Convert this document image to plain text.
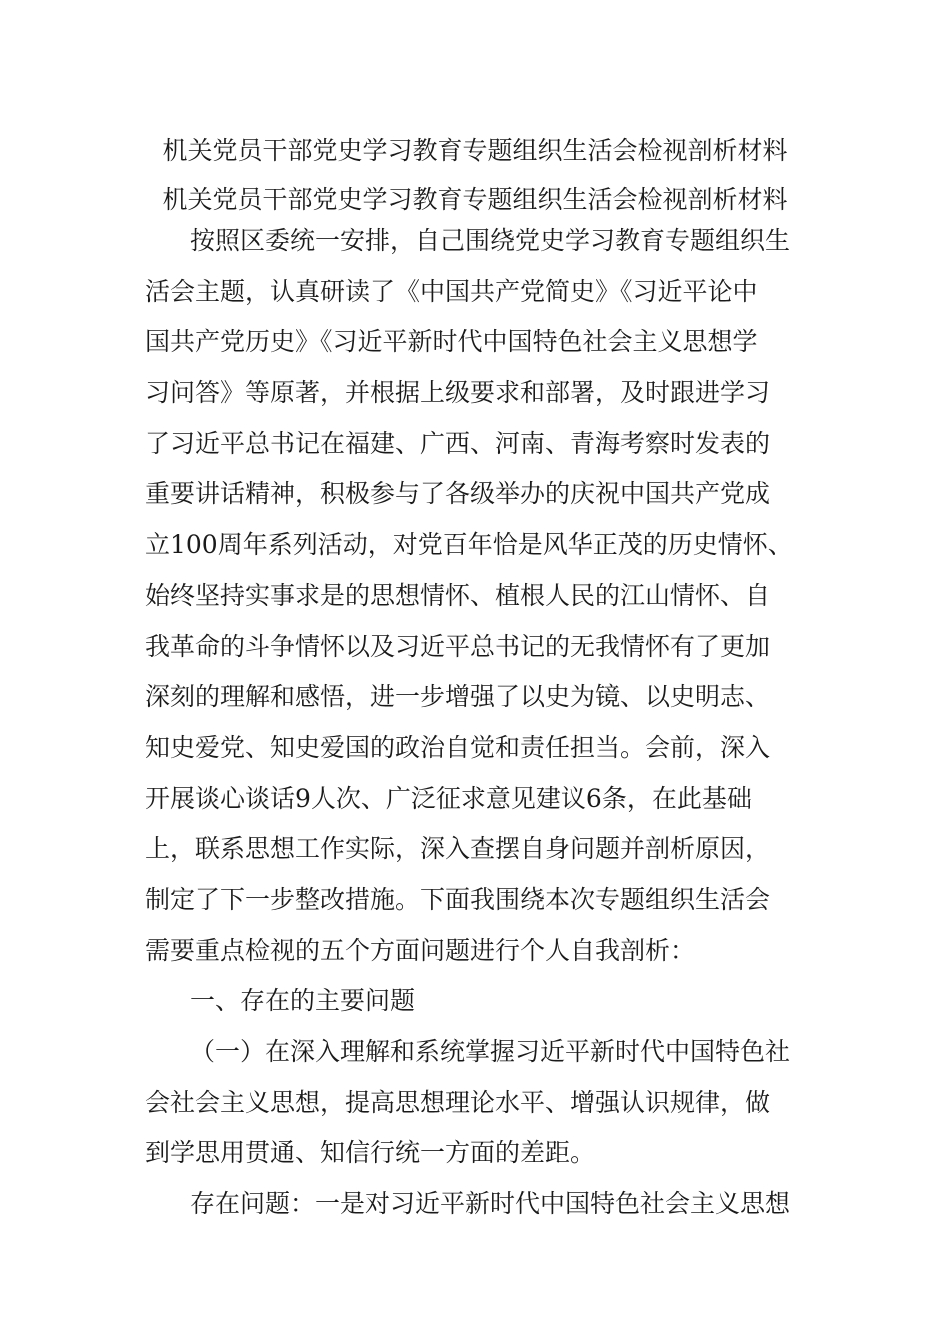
机关党员干部党史学习教育专题组织生活会检视剖析材料
机关党员干部党史学习教育专题组织生活会检视剖析材料

按照区委统一安排，自己围绕党史学习教育专题组织生

活会主题，认真研读了《中国共产党简史》《习近平论中

国共产党历史》《习近平新时代中国特色社会主义思想学

习问答》等原著，并根据上级要求和部署，及时跟进学习

了习近平总书记在福建、广西、河南、青海考察时发表的

重要讲话精神，积极参与了各级举办的庆祝中国共产党成

立100周年系列活动，对党百年恰是风华正茂的历史情怀、

始终坚持实事求是的思想情怀、植根人民的江山情怀、自

我革命的斗争情怀以及习近平总书记的无我情怀有了更加

深刻的理解和感悟，进一步增强了以史为镜、以史明志、

知史爱党、知史爱国的政治自觉和责任担当。会前，深入

开展谈心谈话9人次、广泛征求意见建议6条，在此基础

上，联系思想工作实际，深入查摆自身问题并剖析原因，

制定了下一步整改措施。下面我围绕本次专题组织生活会

需要重点检视的五个方面问题进行个人自我剖析：

一、存在的主要问题

（一）在深入理解和系统掌握习近平新时代中国特色社

会社会主义思想，提高思想理论水平、增强认识规律，做

到学思用贯通、知信行统一方面的差距。

存在问题：一是对习近平新时代中国特色社会主义思想
